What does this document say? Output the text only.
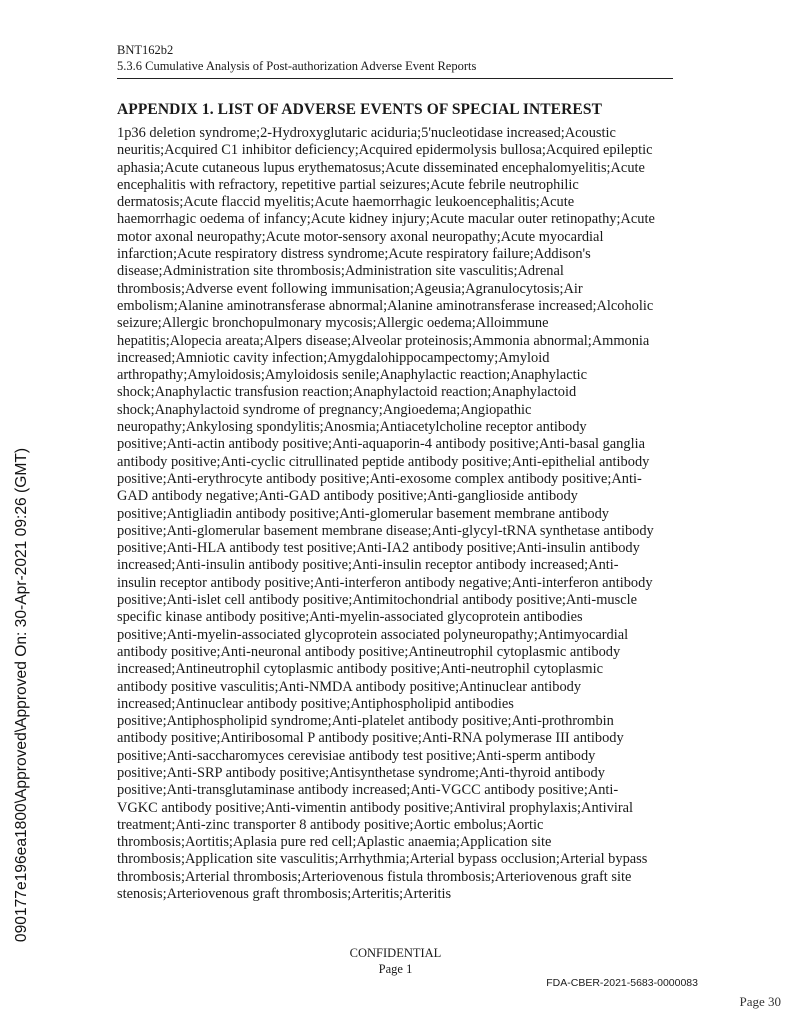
BNT162b2
5.3.6 Cumulative Analysis of Post-authorization Adverse Event Reports
APPENDIX 1. LIST OF ADVERSE EVENTS OF SPECIAL INTEREST
1p36 deletion syndrome;2-Hydroxyglutaric aciduria;5'nucleotidase increased;Acoustic
neuritis;Acquired C1 inhibitor deficiency;Acquired epidermolysis bullosa;Acquired epileptic
aphasia;Acute cutaneous lupus erythematosus;Acute disseminated encephalomyelitis;Acute
encephalitis with refractory, repetitive partial seizures;Acute febrile neutrophilic
dermatosis;Acute flaccid myelitis;Acute haemorrhagic leukoencephalitis;Acute
haemorrhagic oedema of infancy;Acute kidney injury;Acute macular outer retinopathy;Acute
motor axonal neuropathy;Acute motor-sensory axonal neuropathy;Acute myocardial
infarction;Acute respiratory distress syndrome;Acute respiratory failure;Addison's
disease;Administration site thrombosis;Administration site vasculitis;Adrenal
thrombosis;Adverse event following immunisation;Ageusia;Agranulocytosis;Air
embolism;Alanine aminotransferase abnormal;Alanine aminotransferase increased;Alcoholic
seizure;Allergic bronchopulmonary mycosis;Allergic oedema;Alloimmune
hepatitis;Alopecia areata;Alpers disease;Alveolar proteinosis;Ammonia abnormal;Ammonia
increased;Amniotic cavity infection;Amygdalohippocampectomy;Amyloid
arthropathy;Amyloidosis;Amyloidosis senile;Anaphylactic reaction;Anaphylactic
shock;Anaphylactic transfusion reaction;Anaphylactoid reaction;Anaphylactoid
shock;Anaphylactoid syndrome of pregnancy;Angioedema;Angiopathic
neuropathy;Ankylosing spondylitis;Anosmia;Antiacetylcholine receptor antibody
positive;Anti-actin antibody positive;Anti-aquaporin-4 antibody positive;Anti-basal ganglia
antibody positive;Anti-cyclic citrullinated peptide antibody positive;Anti-epithelial antibody
positive;Anti-erythrocyte antibody positive;Anti-exosome complex antibody positive;Anti-
GAD antibody negative;Anti-GAD antibody positive;Anti-ganglioside antibody
positive;Antigliadin antibody positive;Anti-glomerular basement membrane antibody
positive;Anti-glomerular basement membrane disease;Anti-glycyl-tRNA synthetase antibody
positive;Anti-HLA antibody test positive;Anti-IA2 antibody positive;Anti-insulin antibody
increased;Anti-insulin antibody positive;Anti-insulin receptor antibody increased;Anti-
insulin receptor antibody positive;Anti-interferon antibody negative;Anti-interferon antibody
positive;Anti-islet cell antibody positive;Antimitochondrial antibody positive;Anti-muscle
specific kinase antibody positive;Anti-myelin-associated glycoprotein antibodies
positive;Anti-myelin-associated glycoprotein associated polyneuropathy;Antimyocardial
antibody positive;Anti-neuronal antibody positive;Antineutrophil cytoplasmic antibody
increased;Antineutrophil cytoplasmic antibody positive;Anti-neutrophil cytoplasmic
antibody positive vasculitis;Anti-NMDA antibody positive;Antinuclear antibody
increased;Antinuclear antibody positive;Antiphospholipid antibodies
positive;Antiphospholipid syndrome;Anti-platelet antibody positive;Anti-prothrombin
antibody positive;Antiribosomal P antibody positive;Anti-RNA polymerase III antibody
positive;Anti-saccharomyces cerevisiae antibody test positive;Anti-sperm antibody
positive;Anti-SRP antibody positive;Antisynthetase syndrome;Anti-thyroid antibody
positive;Anti-transglutaminase antibody increased;Anti-VGCC antibody positive;Anti-
VGKC antibody positive;Anti-vimentin antibody positive;Antiviral prophylaxis;Antiviral
treatment;Anti-zinc transporter 8 antibody positive;Aortic embolus;Aortic
thrombosis;Aortitis;Aplasia pure red cell;Aplastic anaemia;Application site
thrombosis;Application site vasculitis;Arrhythmia;Arterial bypass occlusion;Arterial bypass
thrombosis;Arterial thrombosis;Arteriovenous fistula thrombosis;Arteriovenous graft site
stenosis;Arteriovenous graft thrombosis;Arteritis;Arteritis
090177e196ea1800\Approved\Approved On: 30-Apr-2021 09:26 (GMT)
CONFIDENTIAL
Page 1
FDA-CBER-2021-5683-0000083
Page 30
